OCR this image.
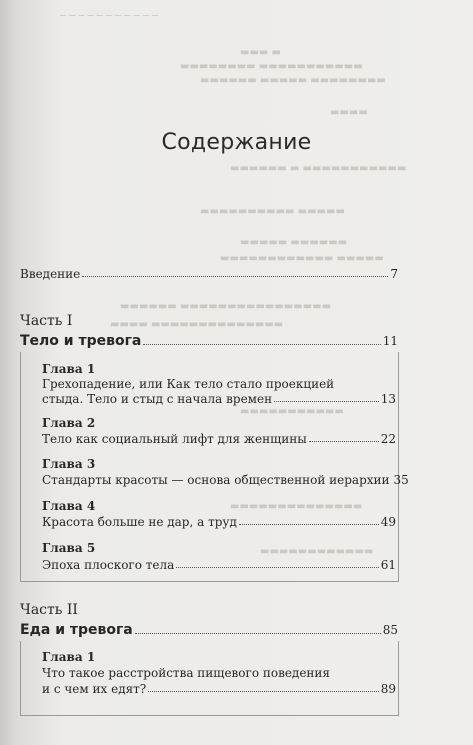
─ ─ ─ ─ ─ ─ ─ ─ ─ ─ ─
▬▬▬ ▬
▬▬▬▬▬▬▬▬ ▬▬▬▬▬▬▬▬▬▬▬
▬▬▬▬▬▬ ▬▬▬▬▬ ▬▬▬▬▬▬▬▬
▬▬▬▬
▬▬▬▬▬▬ ▬ ▬▬▬▬▬▬▬▬▬▬▬
▬▬▬▬▬▬▬▬▬▬ ▬▬▬▬▬
▬▬▬▬▬ ▬▬▬▬▬▬
▬▬▬▬▬▬▬▬▬▬▬▬ ▬▬▬▬▬
▬▬▬▬▬▬ ▬▬▬▬▬▬▬▬▬▬▬▬▬▬▬▬
▬▬▬▬ ▬▬▬▬▬▬▬▬▬▬▬▬▬▬
▬▬▬▬▬▬▬▬▬▬▬
▬▬▬▬▬▬▬▬▬▬▬▬▬▬
▬▬▬▬▬▬▬▬▬▬▬▬
Содержание
Введение	7
Часть I
Тело и тревога	11
Глава 1
Грехопадение, или Как тело стало проекцией
стыда. Тело и стыд с начала времен	13
Глава 2
Тело как социальный лифт для женщины	22
Глава 3
Стандарты красоты — основа общественной иерархии 35
Глава 4
Красота больше не дар, а труд	49
Глава 5
Эпоха плоского тела	61
Часть II
Еда и тревога	85
Глава 1
Что такое расстройства пищевого поведения
и с чем их едят?	89
